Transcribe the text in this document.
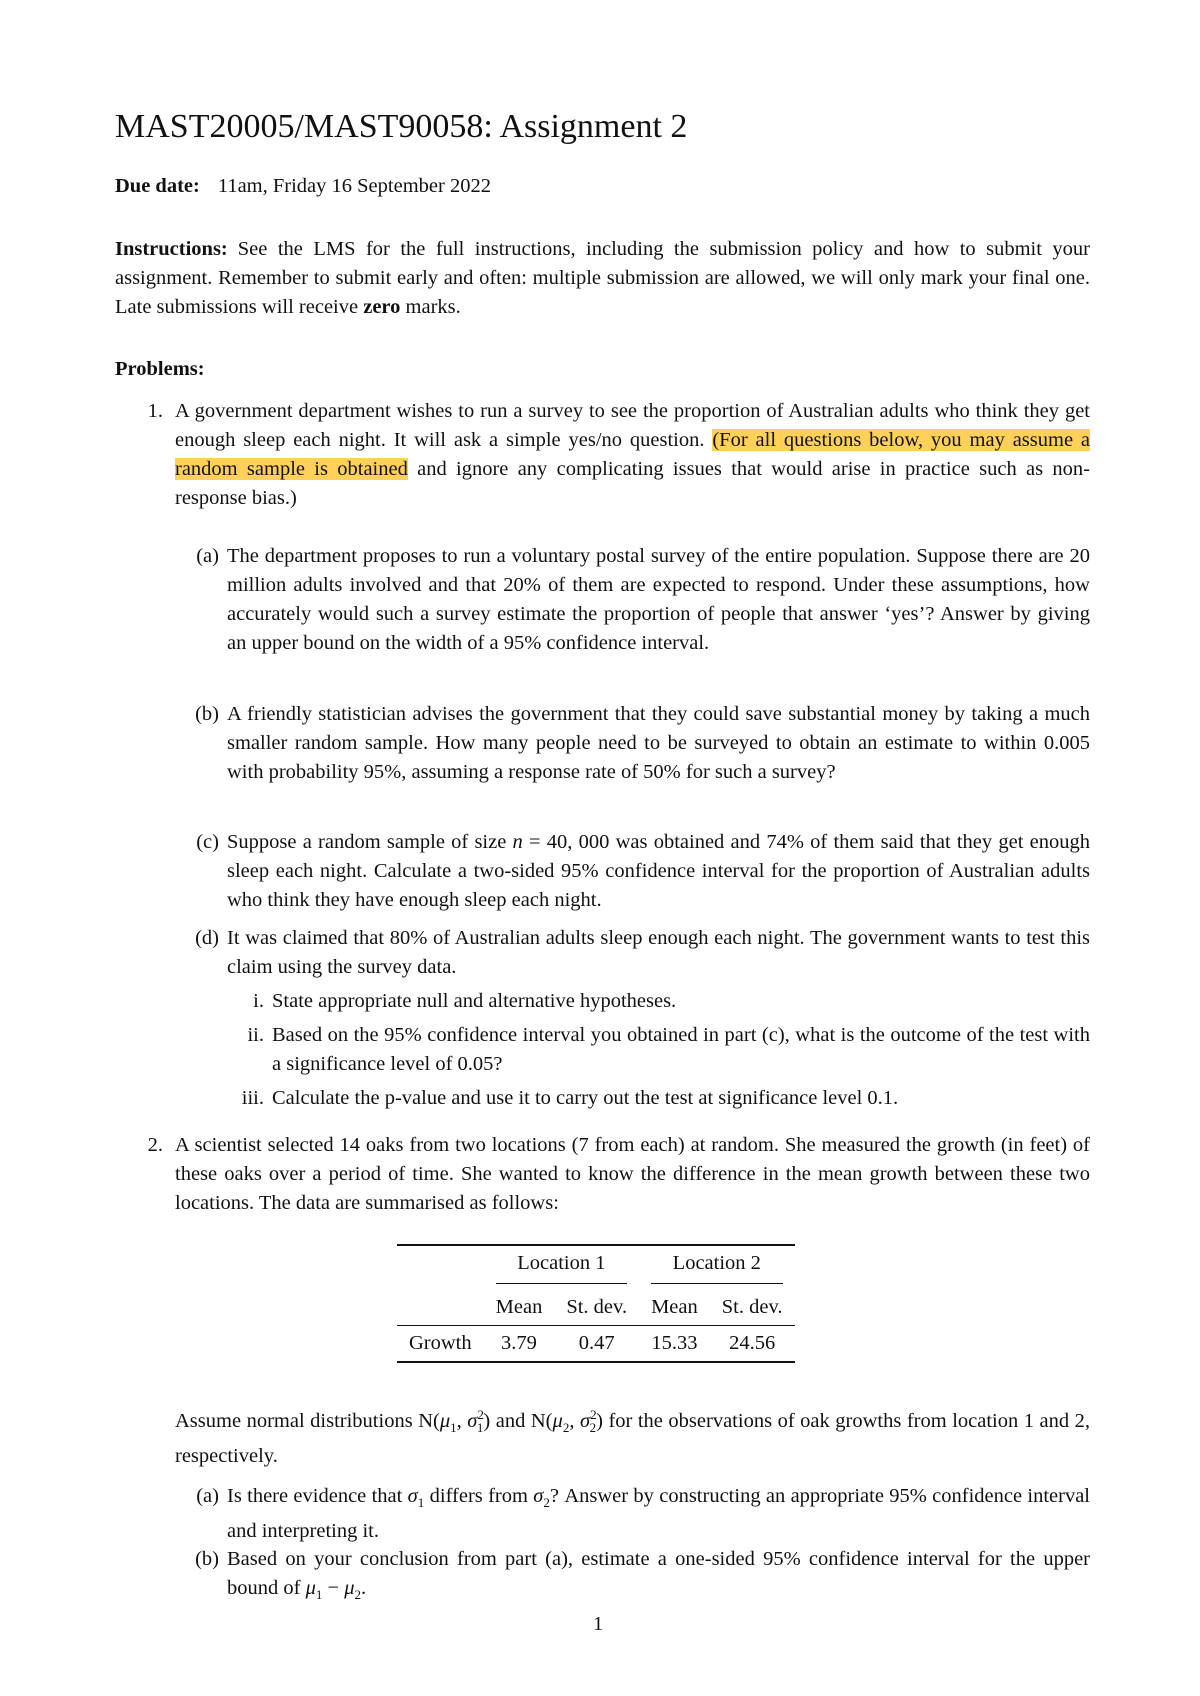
MAST20005/MAST90058: Assignment 2
Due date: 11am, Friday 16 September 2022
Instructions: See the LMS for the full instructions, including the submission policy and how to submit your assignment. Remember to submit early and often: multiple submission are allowed, we will only mark your final one. Late submissions will receive zero marks.
Problems:
1. A government department wishes to run a survey to see the proportion of Australian adults who think they get enough sleep each night. It will ask a simple yes/no question. (For all questions below, you may assume a random sample is obtained and ignore any complicating issues that would arise in practice such as non-response bias.)
(a) The department proposes to run a voluntary postal survey of the entire population. Suppose there are 20 million adults involved and that 20% of them are expected to respond. Under these assumptions, how accurately would such a survey estimate the proportion of people that answer ‘yes’? Answer by giving an upper bound on the width of a 95% confidence interval.
(b) A friendly statistician advises the government that they could save substantial money by taking a much smaller random sample. How many people need to be surveyed to obtain an estimate to within 0.005 with probability 95%, assuming a response rate of 50% for such a survey?
(c) Suppose a random sample of size n = 40, 000 was obtained and 74% of them said that they get enough sleep each night. Calculate a two-sided 95% confidence interval for the proportion of Australian adults who think they have enough sleep each night.
(d) It was claimed that 80% of Australian adults sleep enough each night. The government wants to test this claim using the survey data.
i. State appropriate null and alternative hypotheses.
ii. Based on the 95% confidence interval you obtained in part (c), what is the outcome of the test with a significance level of 0.05?
iii. Calculate the p-value and use it to carry out the test at significance level 0.1.
2. A scientist selected 14 oaks from two locations (7 from each) at random. She measured the growth (in feet) of these oaks over a period of time. She wanted to know the difference in the mean growth between these two locations. The data are summarised as follows:

	Location 1		Location 2	

	Mean	St. dev.	Mean	St. dev.
Growth	3.79	0.47	15.33	24.56
Assume normal distributions $N(\mu_1$, $\sigma^2_1$) and $N(\mu_2$, $\sigma^2_2$) for the observations of oak growths from location 1 and 2, respectively.
(a) Is there evidence that $\sigma_1$ differs from $\sigma_2$? Answer by constructing an appropriate 95% confidence interval and interpreting it.
(b) Based on your conclusion from part (a), estimate a one-sided 95% confidence interval for the upper bound of $\mu_1 - \mu_2$.
1
